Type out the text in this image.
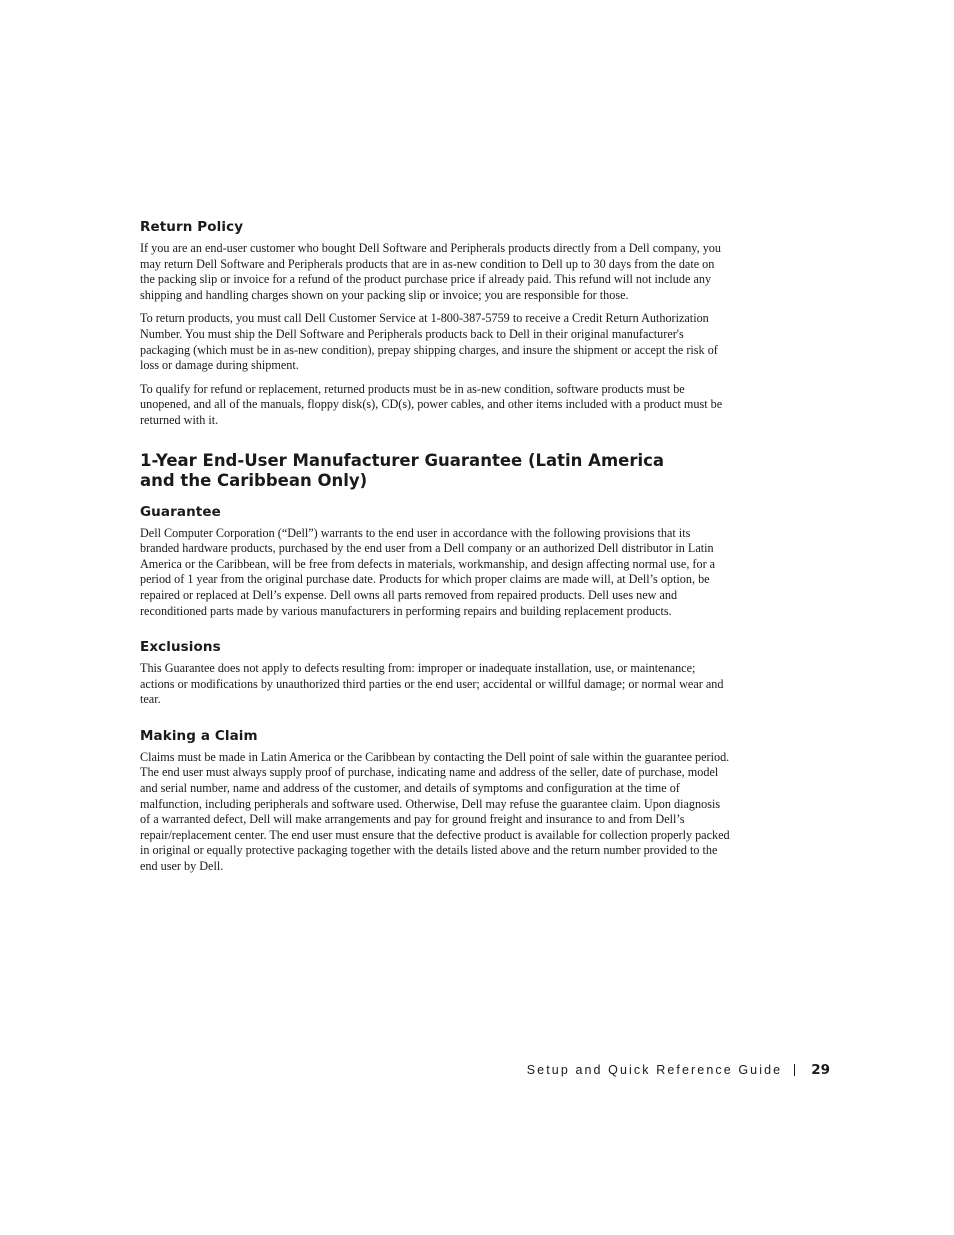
Return Policy

If you are an end-user customer who bought Dell Software and Peripherals products directly from a Dell company, you may return Dell Software and Peripherals products that are in as-new condition to Dell up to 30 days from the date on the packing slip or invoice for a refund of the product purchase price if already paid. This refund will not include any shipping and handling charges shown on your packing slip or invoice; you are responsible for those.

To return products, you must call Dell Customer Service at 1-800-387-5759 to receive a Credit Return Authorization Number. You must ship the Dell Software and Peripherals products back to Dell in their original manufacturer's packaging (which must be in as-new condition), prepay shipping charges, and insure the shipment or accept the risk of loss or damage during shipment.

To qualify for refund or replacement, returned products must be in as-new condition, software products must be unopened, and all of the manuals, floppy disk(s), CD(s), power cables, and other items included with a product must be returned with it.

1-Year End-User Manufacturer Guarantee (Latin America and the Caribbean Only)
Guarantee

Dell Computer Corporation (“Dell”) warrants to the end user in accordance with the following provisions that its branded hardware products, purchased by the end user from a Dell company or an authorized Dell distributor in Latin America or the Caribbean, will be free from defects in materials, workmanship, and design affecting normal use, for a period of 1 year from the original purchase date. Products for which proper claims are made will, at Dell’s option, be repaired or replaced at Dell’s expense. Dell owns all parts removed from repaired products. Dell uses new and reconditioned parts made by various manufacturers in performing repairs and building replacement products.

Exclusions

This Guarantee does not apply to defects resulting from: improper or inadequate installation, use, or maintenance; actions or modifications by unauthorized third parties or the end user; accidental or willful damage; or normal wear and tear.

Making a Claim

Claims must be made in Latin America or the Caribbean by contacting the Dell point of sale within the guarantee period. The end user must always supply proof of purchase, indicating name and address of the seller, date of purchase, model and serial number, name and address of the customer, and details of symptoms and configuration at the time of malfunction, including peripherals and software used. Otherwise, Dell may refuse the guarantee claim. Upon diagnosis of a warranted defect, Dell will make arrangements and pay for ground freight and insurance to and from Dell’s repair/replacement center. The end user must ensure that the defective product is available for collection properly packed in original or equally protective packaging together with the details listed above and the return number provided to the end user by Dell.

Setup and Quick Reference Guide 29
